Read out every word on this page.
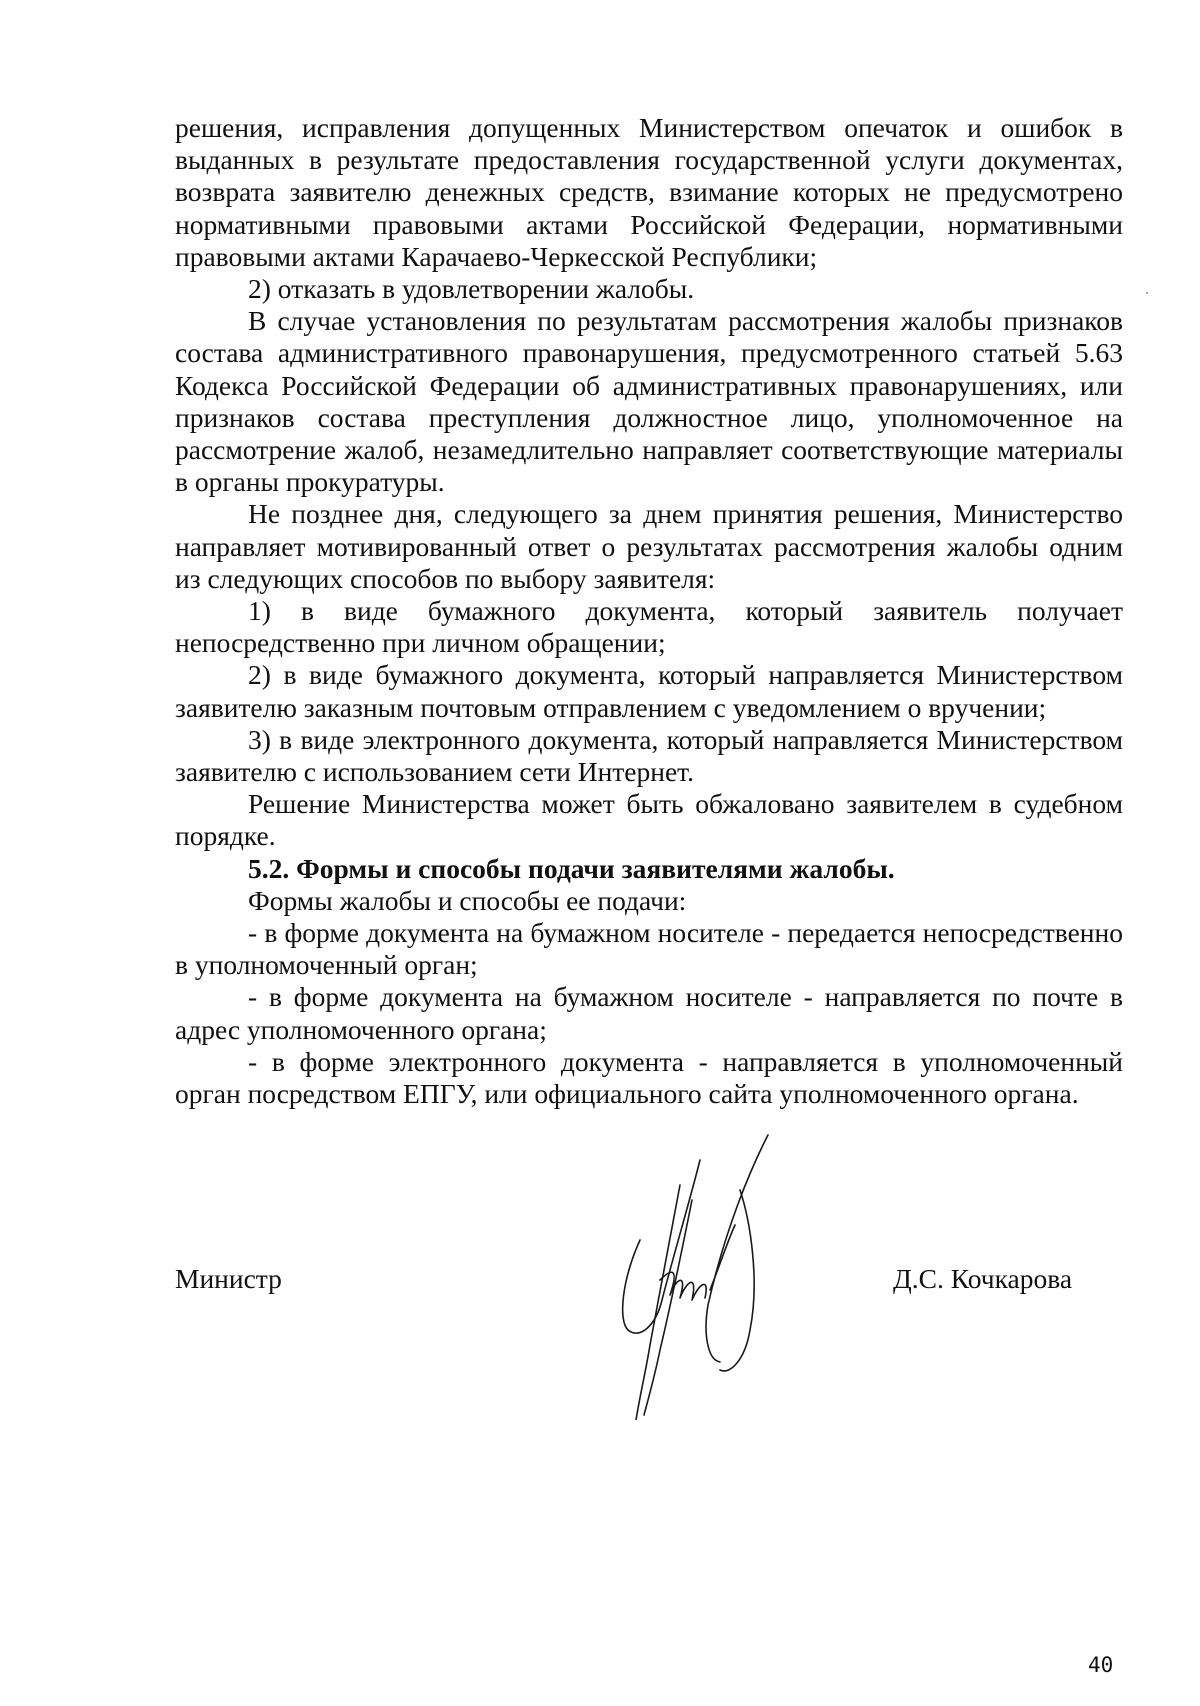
решения, исправления допущенных Министерством опечаток и ошибок в выданных в результате предоставления государственной услуги документах, возврата заявителю денежных средств, взимание которых не предусмотрено нормативными правовыми актами Российской Федерации, нормативными правовыми актами Карачаево-Черкесской Республики;

2) отказать в удовлетворении жалобы.

В случае установления по результатам рассмотрения жалобы признаков состава административного правонарушения, предусмотренного статьей 5.63 Кодекса Российской Федерации об административных правонарушениях, или признаков состава преступления должностное лицо, уполномоченное на рассмотрение жалоб, незамедлительно направляет соответствующие материалы в органы прокуратуры.

Не позднее дня, следующего за днем принятия решения, Министерство направляет мотивированный ответ о результатах рассмотрения жалобы одним из следующих способов по выбору заявителя:

1) в виде бумажного документа, который заявитель получает непосредственно при личном обращении;

2) в виде бумажного документа, который направляется Министерством заявителю заказным почтовым отправлением с уведомлением о вручении;

3) в виде электронного документа, который направляется Министерством заявителю с использованием сети Интернет.

Решение Министерства может быть обжаловано заявителем в судебном порядке.

5.2. Формы и способы подачи заявителями жалобы.

Формы жалобы и способы ее подачи:

- в форме документа на бумажном носителе - передается непосредственно в уполномоченный орган;

- в форме документа на бумажном носителе - направляется по почте в адрес уполномоченного органа;

- в форме электронного документа - направляется в уполномоченный орган посредством ЕПГУ, или официального сайта уполномоченного органа.

Министр	Д.С. Кочкарова
40
